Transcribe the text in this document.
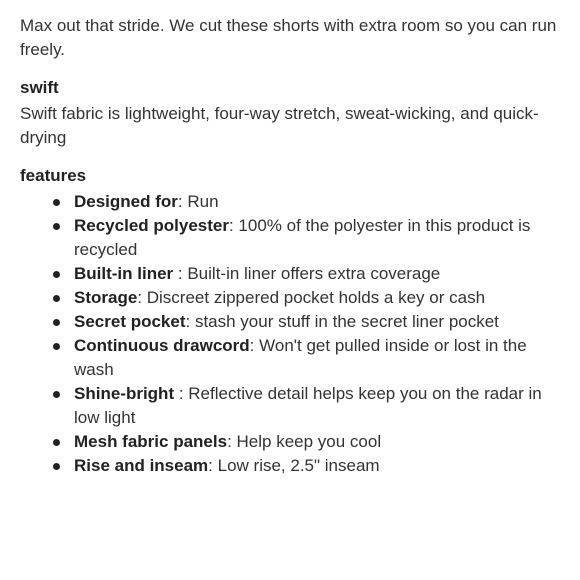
Max out that stride. We cut these shorts with extra room so you can run freely.

swift

Swift fabric is lightweight, four-way stretch, sweat-wicking, and quick-drying

features
Designed for: Run
Recycled polyester: 100% of the polyester in this product is recycled
Built-in liner : Built-in liner offers extra coverage
Storage: Discreet zippered pocket holds a key or cash
Secret pocket: stash your stuff in the secret liner pocket
Continuous drawcord: Won't get pulled inside or lost in the wash
Shine-bright : Reflective detail helps keep you on the radar in low light
Mesh fabric panels: Help keep you cool
Rise and inseam: Low rise, 2.5" inseam
